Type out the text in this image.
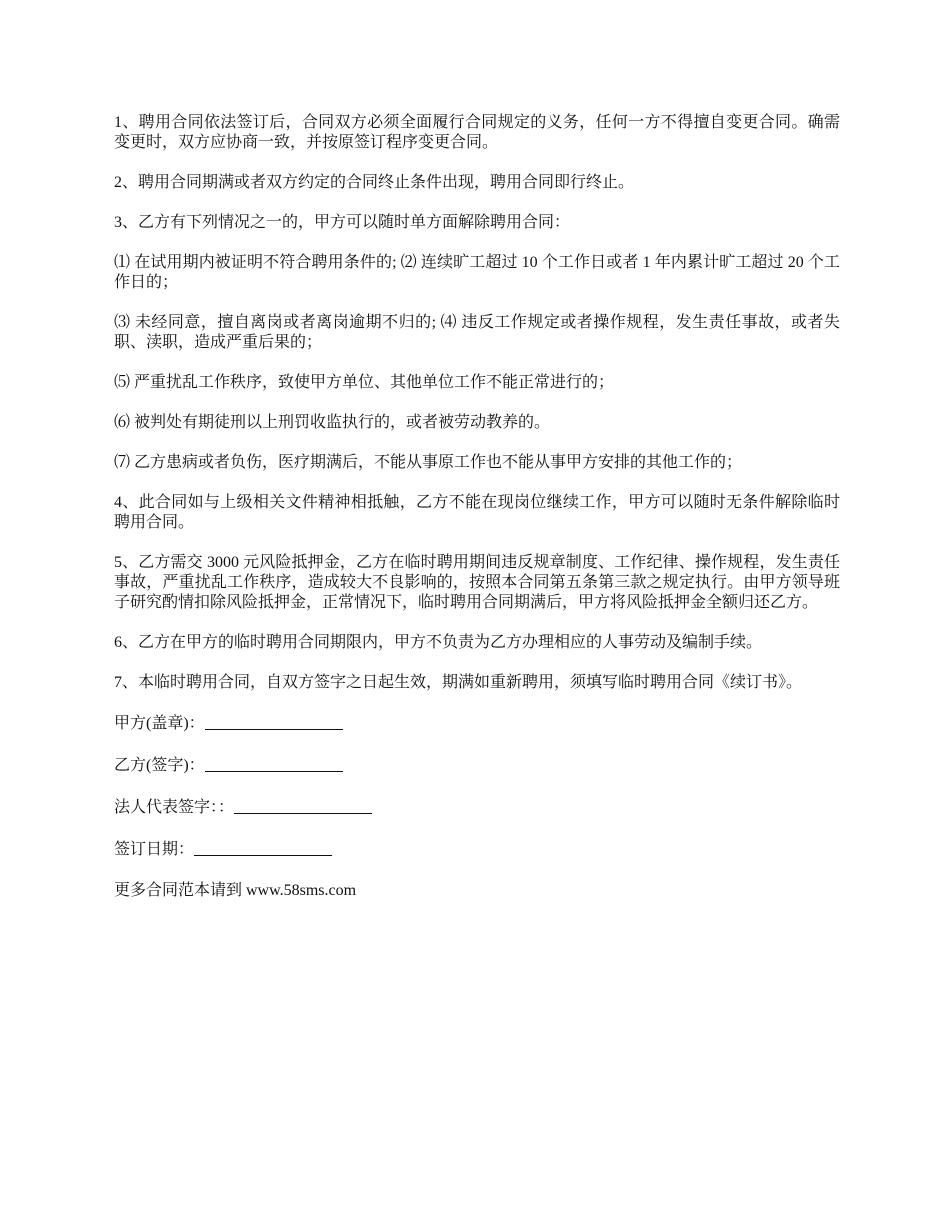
1、聘用合同依法签订后，合同双方必须全面履行合同规定的义务，任何一方不得擅自变更合同。确需变更时，双方应协商一致，并按原签订程序变更合同。

2、聘用合同期满或者双方约定的合同终止条件出现，聘用合同即行终止。

3、乙方有下列情况之一的，甲方可以随时单方面解除聘用合同：

⑴ 在试用期内被证明不符合聘用条件的; ⑵ 连续旷工超过 10 个工作日或者 1 年内累计旷工超过 20 个工作日的；

⑶ 未经同意，擅自离岗或者离岗逾期不归的; ⑷ 违反工作规定或者操作规程，发生责任事故，或者失职、渎职，造成严重后果的；

⑸ 严重扰乱工作秩序，致使甲方单位、其他单位工作不能正常进行的；

⑹ 被判处有期徒刑以上刑罚收监执行的，或者被劳动教养的。

⑺ 乙方患病或者负伤，医疗期满后，不能从事原工作也不能从事甲方安排的其他工作的；

4、此合同如与上级相关文件精神相抵触，乙方不能在现岗位继续工作，甲方可以随时无条件解除临时聘用合同。

5、乙方需交 3000 元风险抵押金，乙方在临时聘用期间违反规章制度、工作纪律、操作规程，发生责任事故，严重扰乱工作秩序，造成较大不良影响的，按照本合同第五条第三款之规定执行。由甲方领导班子研究酌情扣除风险抵押金，正常情况下，临时聘用合同期满后，甲方将风险抵押金全额归还乙方。

6、乙方在甲方的临时聘用合同期限内，甲方不负责为乙方办理相应的人事劳动及编制手续。

7、本临时聘用合同，自双方签字之日起生效，期满如重新聘用，须填写临时聘用合同《续订书》。

甲方(盖章)：
乙方(签字)：
法人代表签字：：
签订日期：
更多合同范本请到 www.58sms.com
